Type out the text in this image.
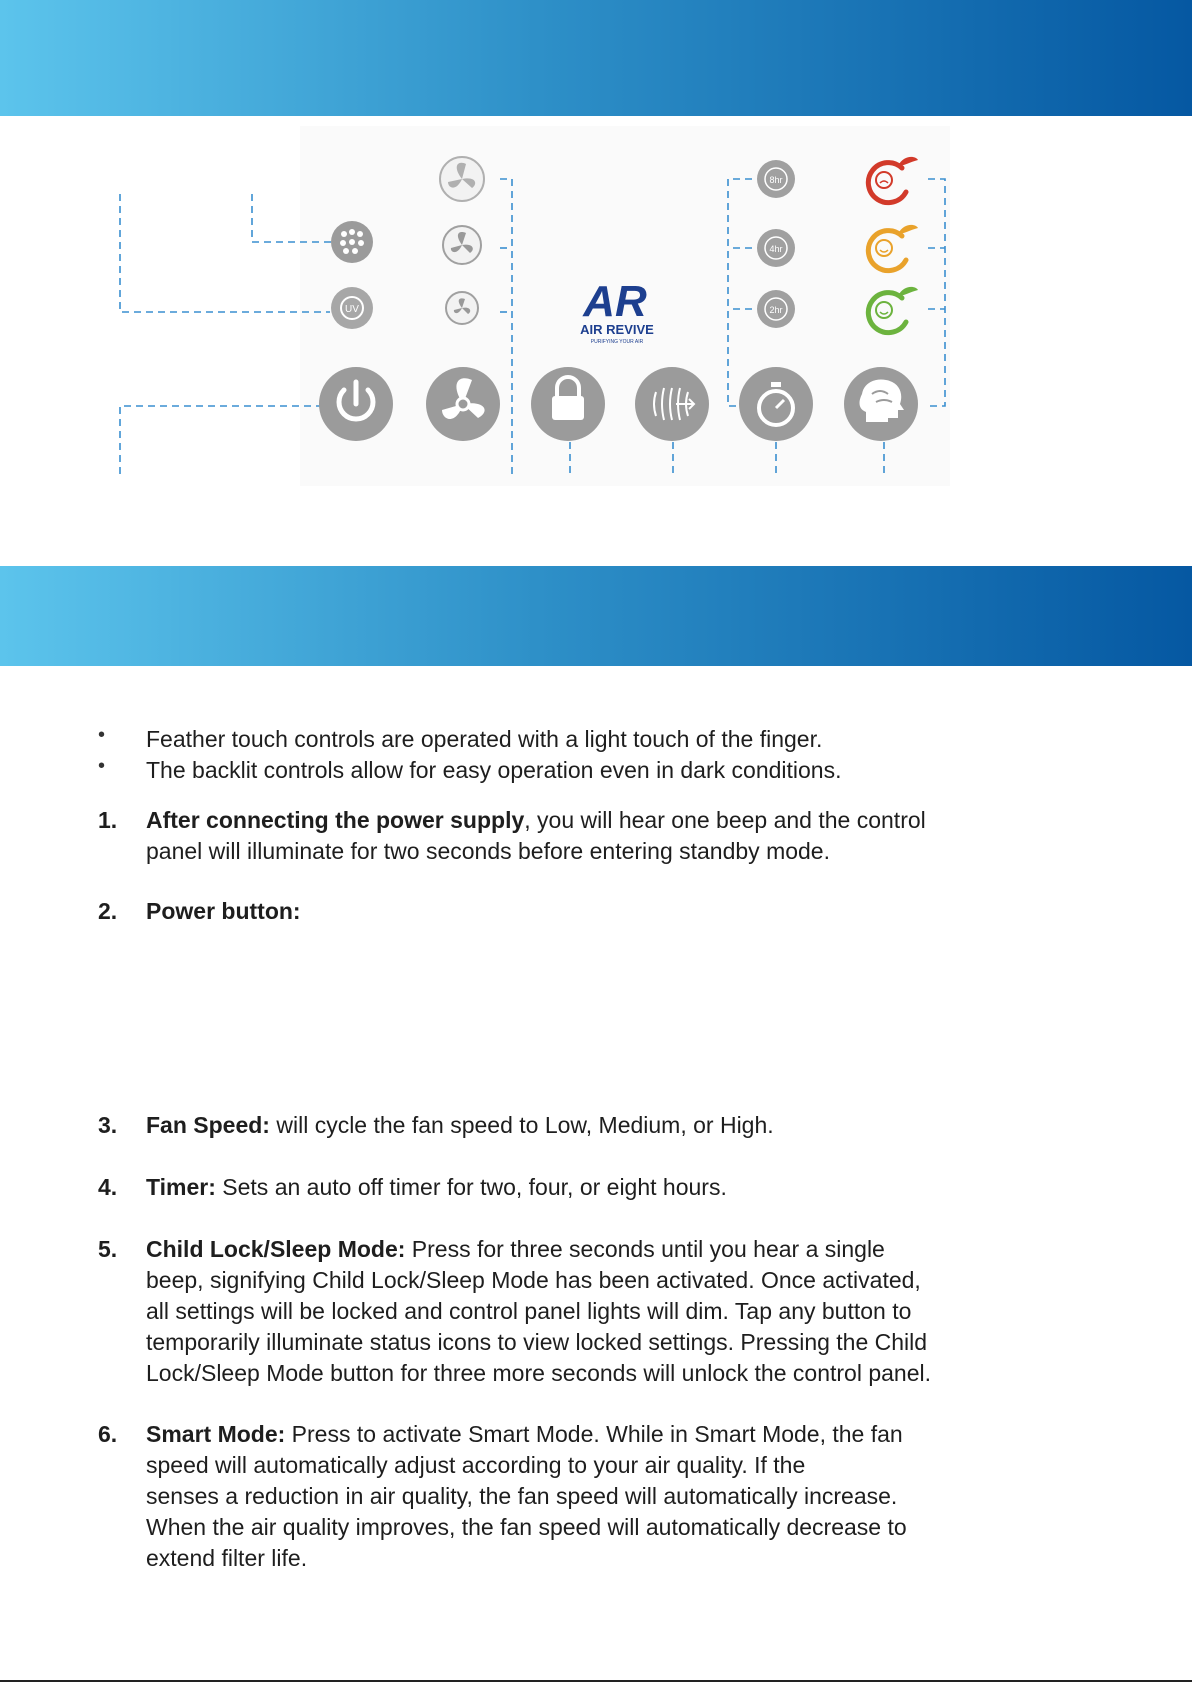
UV
8hr
4hr
2hr
AR
AIR REVIVE
PURIFYING YOUR AIR
• Feather touch controls are operated with a light touch of the finger.
• The backlit controls allow for easy operation even in dark conditions.
1. After connecting the power supply, you will hear one beep and the control
panel will illuminate for two seconds before entering standby mode.
2. Power button:
3. Fan Speed: will cycle the fan speed to Low, Medium, or High.
4. Timer: Sets an auto off timer for two, four, or eight hours.
5. Child Lock/Sleep Mode: Press for three seconds until you hear a single
beep, signifying Child Lock/Sleep Mode has been activated. Once activated,
all settings will be locked and control panel lights will dim. Tap any button to
temporarily illuminate status icons to view locked settings. Pressing the Child
Lock/Sleep Mode button for three more seconds will unlock the control panel.
6. Smart Mode: Press to activate Smart Mode. While in Smart Mode, the fan
speed will automatically adjust according to your air quality. If the
senses a reduction in air quality, the fan speed will automatically increase.
When the air quality improves, the fan speed will automatically decrease to
extend filter life.
